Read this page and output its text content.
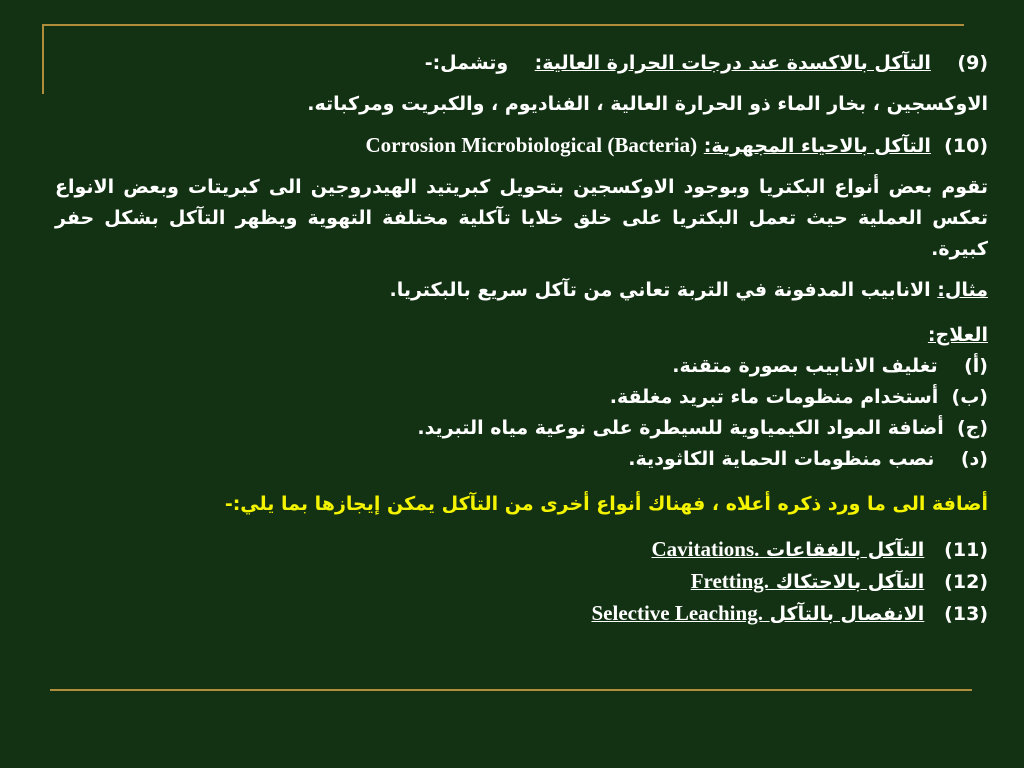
(9)    التآكل بالاكسدة عند درجات الحرارة العالية:    وتشمل:-

الاوكسجين ، بخار الماء ذو الحرارة العالية ، الفناديوم ، والكبريت ومركباته.

(10)  التآكل بالاحياء المجهرية: Corrosion Microbiological (Bacteria)

تقوم بعض أنواع البكتريا وبوجود الاوكسجين بتحويل كبريتيد الهيدروجين الى كبريتات وبعض الانواع تعكس العملية حيث تعمل البكتريا على خلق خلايا تآكلية مختلفة التهوية ويظهر التآكل بشكل حفر كبيرة.

مثال: الانابيب المدفونة في التربة تعاني من تآكل سريع بالبكتريا.

العلاج:

(أ)    تغليف الانابيب بصورة متقنة.

(ب)  أستخدام منظومات ماء تبريد مغلقة.

(ج)  أضافة المواد الكيمياوية للسيطرة على نوعية مياه التبريد.

(د)    نصب منظومات الحماية الكاثودية.

أضافة الى ما ورد ذكره أعلاه ، فهناك أنواع أخرى من التآكل يمكن إيجازها بما يلي:-

(11)   التآكل بالفقاعات Cavitations.

(12)   التآكل بالاحتكاك Fretting.

(13)   الانفصال بالتآكل Selective Leaching.
